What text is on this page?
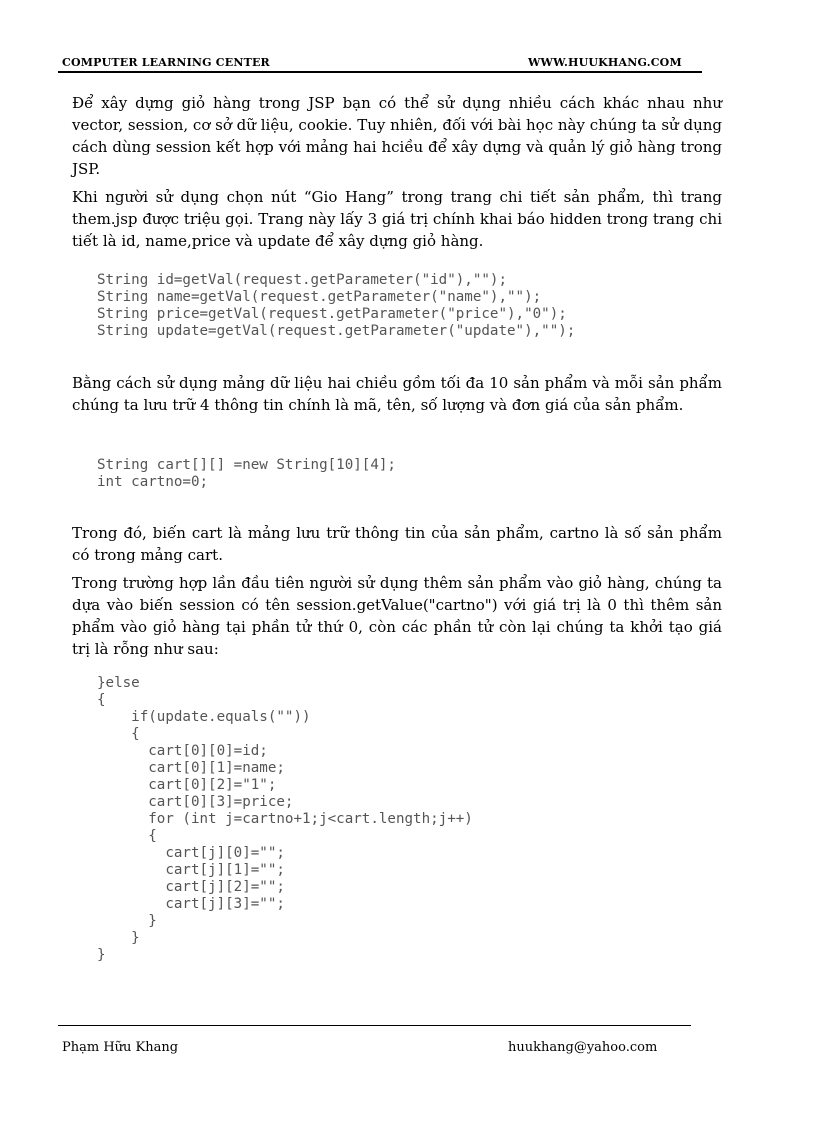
COMPUTER LEARNING CENTER	WWW.HUUKHANG.COM

Để xây dựng giỏ hàng trong JSP bạn có thể sử dụng nhiều cách khác nhau như vector, session, cơ sở dữ liệu, cookie. Tuy nhiên, đối với bài học này chúng ta sử dụng cách dùng session kết hợp với mảng hai hciều để xây dựng và quản lý giỏ hàng trong JSP.

Khi người sử dụng chọn nút “Gio Hang” trong trang chi tiết sản phẩm, thì trang them.jsp được triệu gọi. Trang này lấy 3 giá trị chính khai báo hidden trong trang chi tiết là id, name,price và update để xây dựng giỏ hàng.

String id=getVal(request.getParameter("id"),"");
String name=getVal(request.getParameter("name"),"");
String price=getVal(request.getParameter("price"),"0");
String update=getVal(request.getParameter("update"),"");

Bằng cách sử dụng mảng dữ liệu hai chiều gồm tối đa 10 sản phẩm và mỗi sản phẩm chúng ta lưu trữ 4 thông tin chính là mã, tên, số lượng và đơn giá của sản phẩm.

String cart[][] =new String[10][4];
int cartno=0;

Trong đó, biến cart là mảng lưu trữ thông tin của sản phẩm, cartno là số sản phẩm có trong mảng cart.

Trong trường hợp lần đầu tiên người sử dụng thêm sản phẩm vào giỏ hàng, chúng ta dựa vào biến session có tên session.getValue("cartno") với giá trị là 0 thì thêm sản phẩm vào giỏ hàng tại phần tử thứ 0, còn các phần tử còn lại chúng ta khởi tạo giá trị là rỗng như sau:

}else
{
if(update.equals(""))
{
cart[0][0]=id;
cart[0][1]=name;
cart[0][2]="1";
cart[0][3]=price;
for (int j=cartno+1;j<cart.length;j++)
{
cart[j][0]="";
cart[j][1]="";
cart[j][2]="";
cart[j][3]="";
}
}
}
Phạm Hữu Khang	huukhang@yahoo.com
